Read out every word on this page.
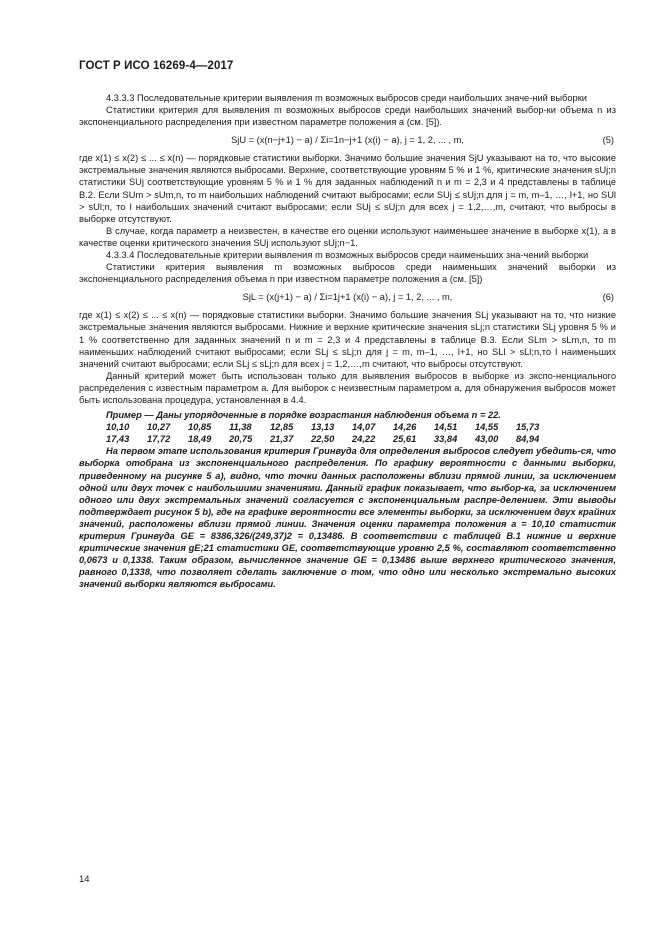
ГОСТ Р ИСО 16269-4—2017

4.3.3.3 Последовательные критерии выявления m возможных выбросов среди наибольших значе-ний выборки

Статистики критерия для выявления m возможных выбросов среди наибольших значений выбор-ки объема n из экспоненциального распределения при известном параметре положения a (см. [5]).

SjU = (x(n−j+1) − a) / Σi=1n−j+1 (x(i) − a), j = 1, 2, ... , m,	(5)

где x(1) ≤ x(2) ≤ ... ≤ x(n) — порядковые статистики выборки. Значимо большие значения SjU указывают на то, что высокие экстремальные значения являются выбросами. Верхние, соответствующие уровням 5 % и 1 %, критические значения sUj;n статистики SUj соответствующие уровням 5 % и 1 % для заданных наблюдений n и m = 2,3 и 4 представлены в таблице В.2. Если SUm > sUm,n, то m наибольших наблюдений считают выбросами; если SUj ≤ sUj;n для j = m, m–1, …, l+1, но SUl > sUl;n, то l наибольших значений считают выбросами; если SUj ≤ sUj;n для всех j = 1,2,…,m, считают, что выбросы в выборке отсутствуют.

В случае, когда параметр a неизвестен, в качестве его оценки используют наименьшее значение в выборке x(1), а в качестве оценки критического значения SUj используют sUj;n−1.

4.3.3.4 Последовательные критерии выявления m возможных выбросов среди наименьших зна-чений выборки

Статистики критерия выявления m возможных выбросов среди наименьших значений выборки из экспоненциального распределения объема n при известном параметре положения a (см. [5])

SjL = (x(j+1) − a) / Σi=1j+1 (x(i) − a), j = 1, 2, ... , m,	(6)

где x(1) ≤ x(2) ≤ ... ≤ x(n) — порядковые статистики выборки. Значимо большие значения SLj указывают на то, что низкие экстремальные значения являются выбросами. Нижние и верхние критические значения sLj;n статистики SLj уровня 5 % и 1 % соответственно для заданных значений n и m = 2,3 и 4 представлены в таблице В.3. Если SLm > sLm,n, то m наименьших наблюдений считают выбросами; если SLj ≤ sLj;n для j = m, m–1, …, l+1, но SLl > sLl;n,то l наименьших значений считают выбросами; если SLj ≤ sLj;n для всех j = 1,2,…,m считают, что выбросы отсутствуют.

Данный критерий может быть использован только для выявления выбросов в выборке из экспо-ненциального распределения с известным параметром a. Для выборок с неизвестным параметром a, для обнаружения выбросов может быть использована процедура, установленная в 4.4.

Пример — Даны упорядоченные в порядке возрастания наблюдения объема n = 22.

10,10	10,27	10,85	11,38	12,85	13,13	14,07	14,26	14,51	14,55	15,73
17,43	17,72	18,49	20,75	21,37	22,50	24,22	25,61	33,84	43,00	84,94

На первом этапе использования критерия Гринвуда для определения выбросов следует убедить-ся, что выборка отобрана из экспоненциального распределения. По графику вероятности с данными выборки, приведенному на рисунке 5 а), видно, что точки данных расположены вблизи прямой линии, за исключением одной или двух точек с наибольшими значениями. Данный график показывает, что выбор-ка, за исключением одного или двух экстремальных значений согласуется с экспоненциальным распре-делением. Эти выводы подтверждает рисунок 5 b), где на графике вероятности все элементы выборки, за исключением двух крайних значений, расположены вблизи прямой линии. Значения оценки параметра положения a = 10,10 статистик критерия Гринвуда GE = 8386,326/(249,37)2 = 0,13486. В соответствии с таблицей В.1 нижние и верхние критические значения gE;21 статистики GE, соответствующие уровню 2,5 %, составляют соответственно 0,0673 и 0,1338. Таким образом, вычисленное значение GE = 0,13486 выше верхнего критического значения, равного 0,1338, что позволяет сделать заключение о том, что одно или несколько экстремально высоких значений выборки являются выбросами.

14
